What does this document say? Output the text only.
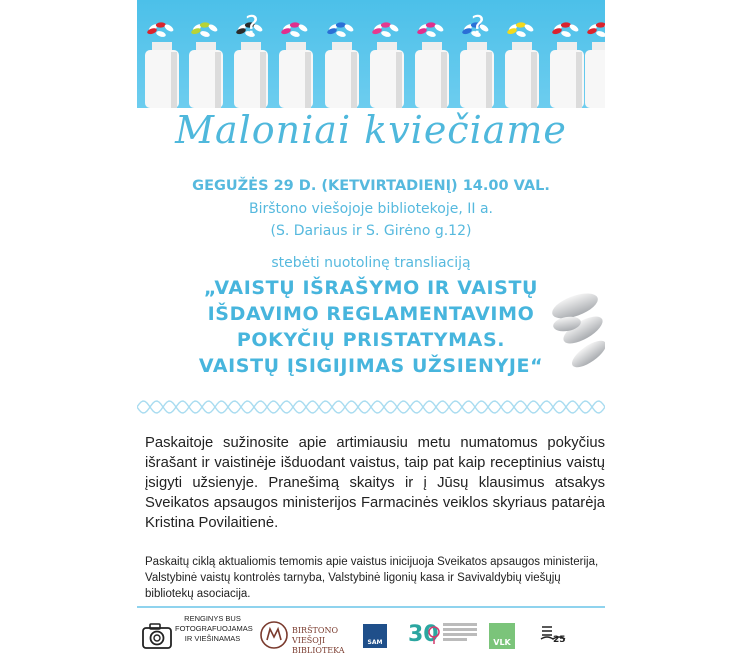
?	?
Maloniai kviečiame
GEGUŽĖS 29 D. (KETVIRTADIENĮ) 14.00 VAL.
Birštono viešojoje bibliotekoje, II a.
(S. Dariaus ir S. Girėno g.12)
stebėti nuotolinę transliaciją
„VAISTŲ IŠRAŠYMO IR VAISTŲ
IŠDAVIMO REGLAMENTAVIMO
POKYČIŲ PRISTATYMAS.
VAISTŲ ĮSIGIJIMAS UŽSIENYJE“
Paskaitoje sužinosite apie artimiausiu metu numatomus pokyčius išrašant ir vaistinėje išduodant vaistus, taip pat kaip receptinius vaistų įsigyti užsienyje. Pranešimą skaitys ir į Jūsų klausimus atsakys Sveikatos apsaugos ministerijos Farmacinės veiklos skyriaus patarėja Kristina Povilaitienė.
Paskaitų ciklą aktualiomis temomis apie vaistus inicijuoja Sveikatos apsaugos ministerija, Valstybinė vaistų kontrolės tarnyba, Valstybinė ligonių kasa ir Savivaldybių viešųjų bibliotekų asociacija.
RENGINYS BUS FOTOGRAFUOJAMAS IR VIEŠINAMAS
BIRŠTONO VIEŠOJI BIBLIOTEKA
SAM 30	VLK	25
